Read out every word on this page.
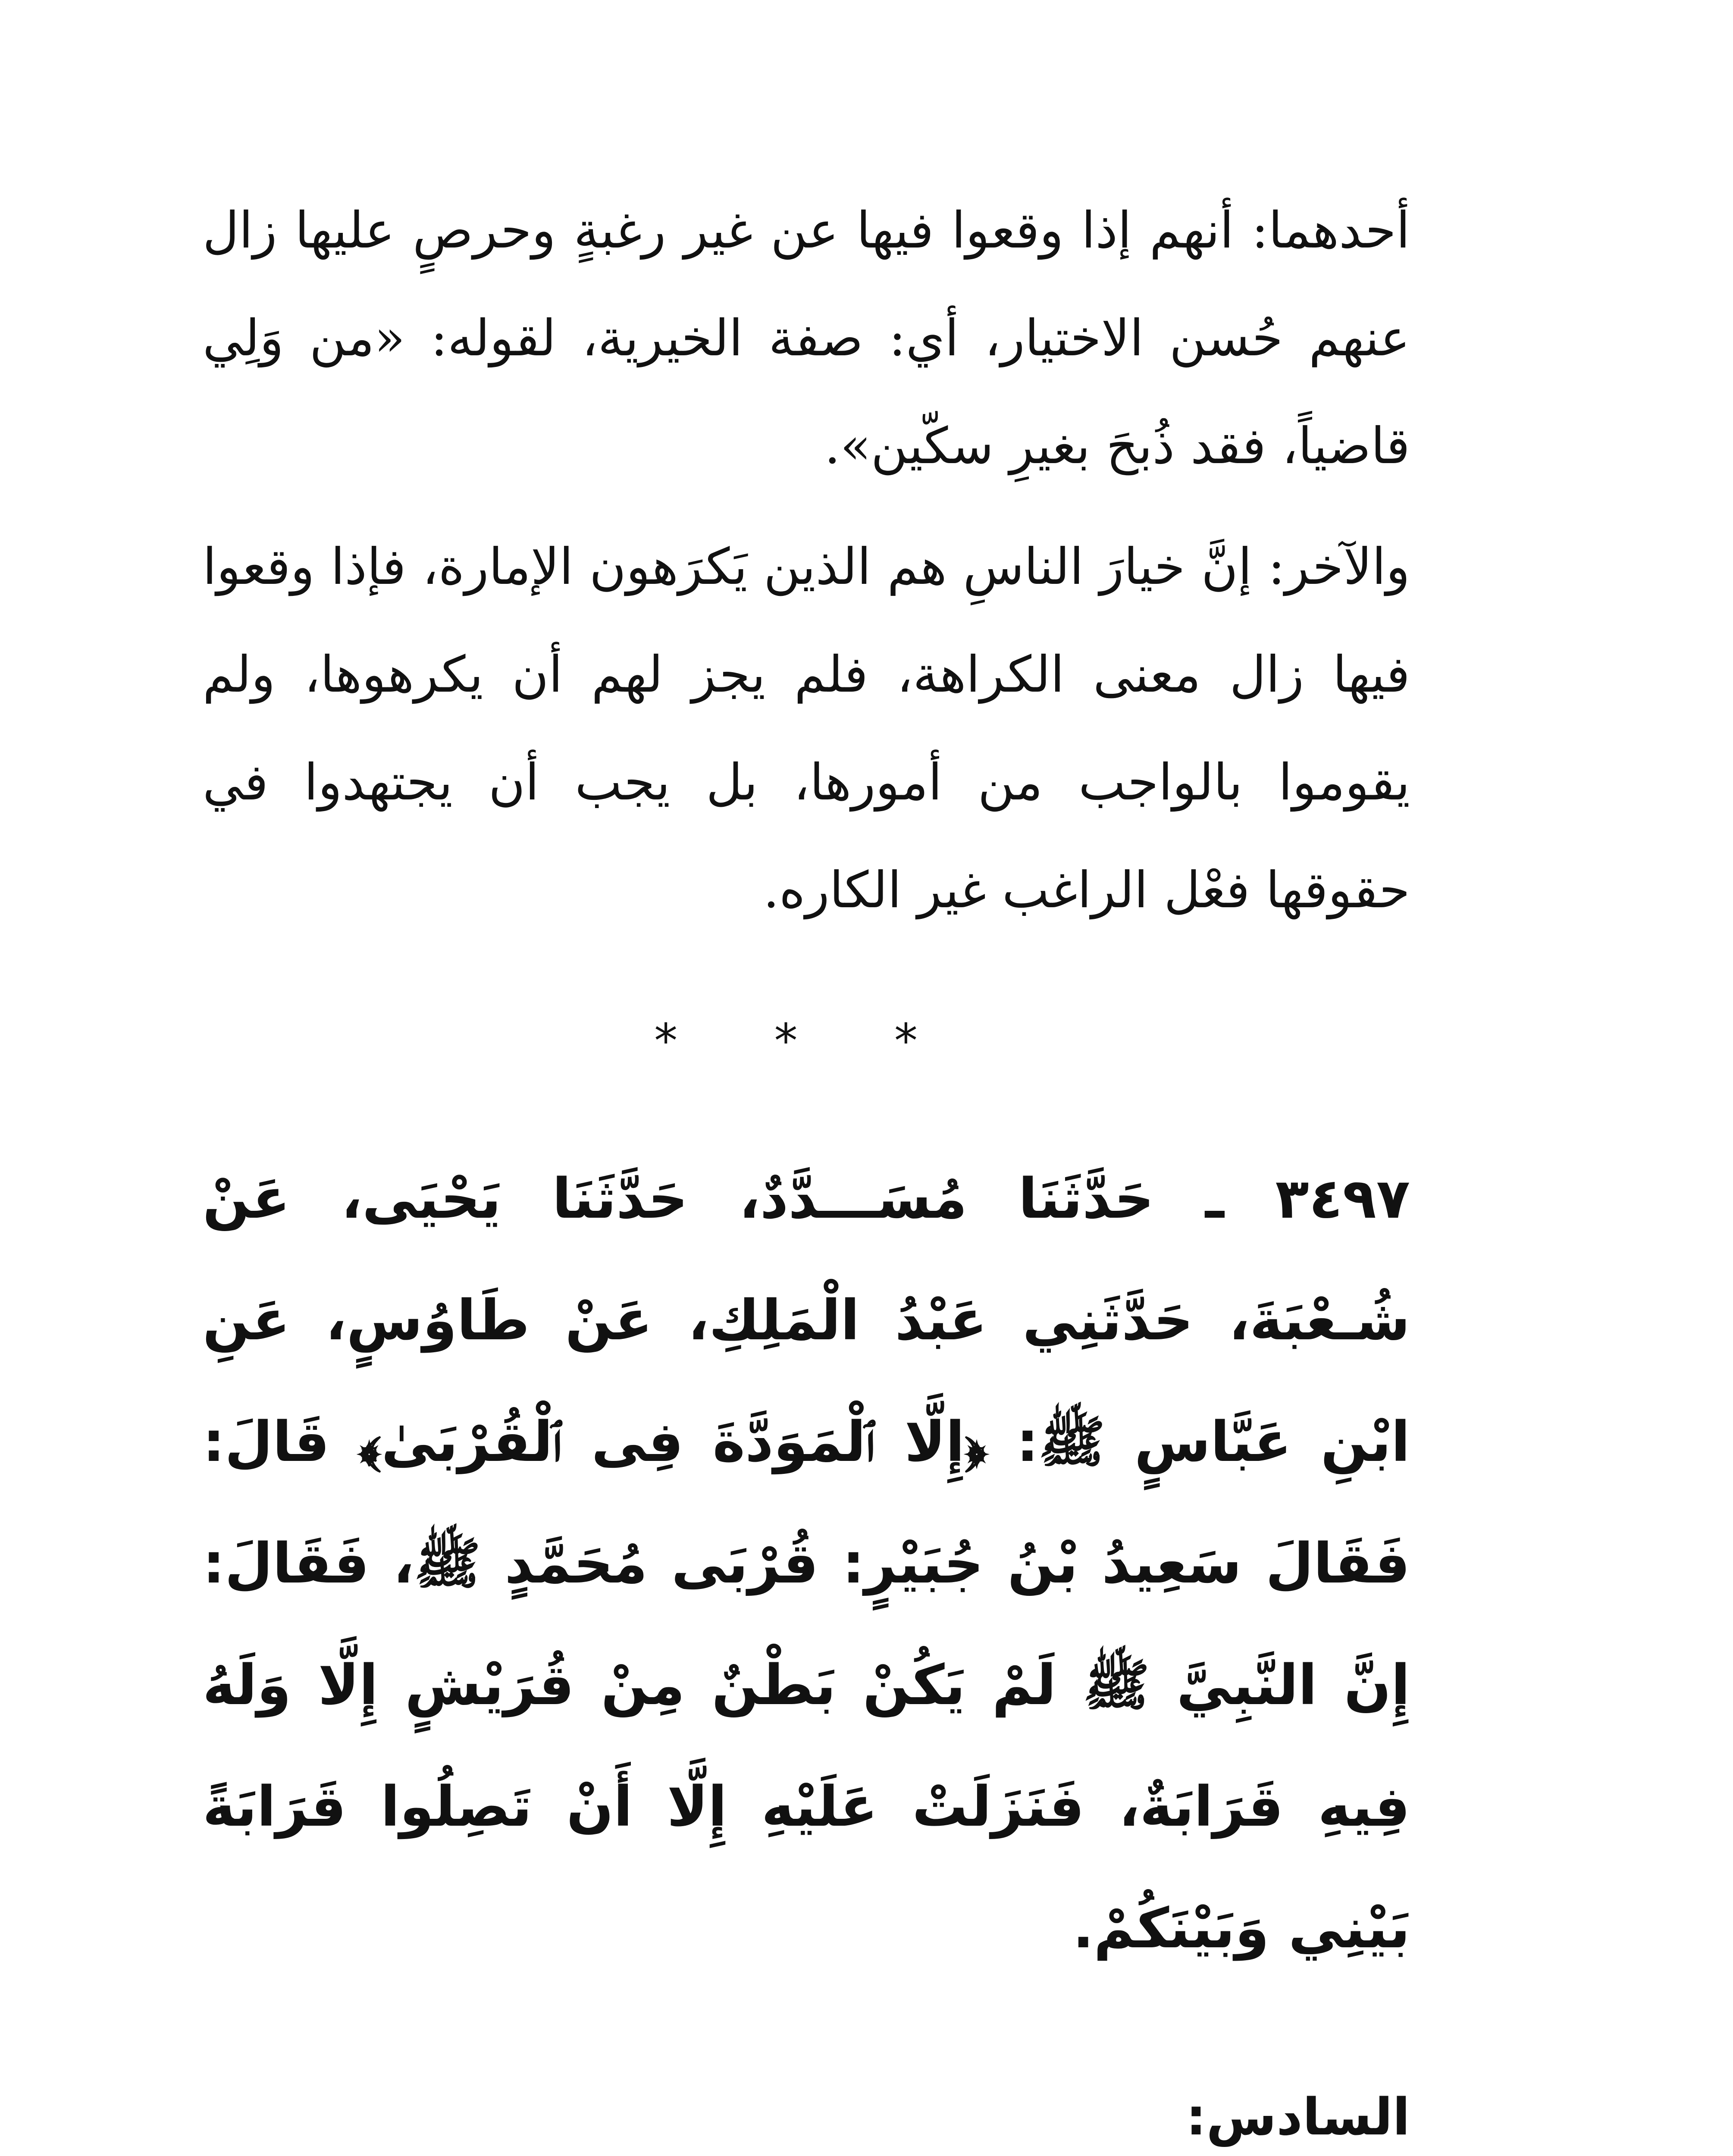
أحدهما: أنهم إذا وقعوا فيها عن غير رغبةٍ وحرصٍ عليها زال عنهم حُسن الاختيار، أي: صفة الخيرية، لقوله: «من وَلِي قاضياً، فقد ذُبحَ بغيرِ سكّين».

والآخر: إنَّ خيارَ الناسِ هم الذين يَكرَهون الإمارة، فإذا وقعوا فيها زال معنى الكراهة، فلم يجز لهم أن يكرهوها، ولم يقوموا بالواجب من أمورها، بل يجب أن يجتهدوا في حقوقها فعْل الراغب غير الكاره.

* * *

٣٤٩٧ ـ حَدَّثَنَا مُسَـــدَّدٌ، حَدَّثَنَا يَحْيَى، عَنْ شُـعْبَةَ، حَدَّثَنِي عَبْدُ الْمَلِكِ، عَنْ طَاوُسٍ، عَنِ ابْنِ عَبَّاسٍ ﷺ: ﴿إِلَّا ٱلْمَوَدَّةَ فِى ٱلْقُرْبَىٰ﴾ قَالَ: فَقَالَ سَعِيدُ بْنُ جُبَيْرٍ: قُرْبَى مُحَمَّدٍ ﷺ، فَقَالَ: إِنَّ النَّبِيَّ ﷺ لَمْ يَكُنْ بَطْنٌ مِنْ قُرَيْشٍ إِلَّا وَلَهُ فِيهِ قَرَابَةٌ، فَنَزَلَتْ عَلَيْهِ إِلَّا أَنْ تَصِلُوا قَرَابَةً بَيْنِي وَبَيْنَكُمْ.

السادس:
